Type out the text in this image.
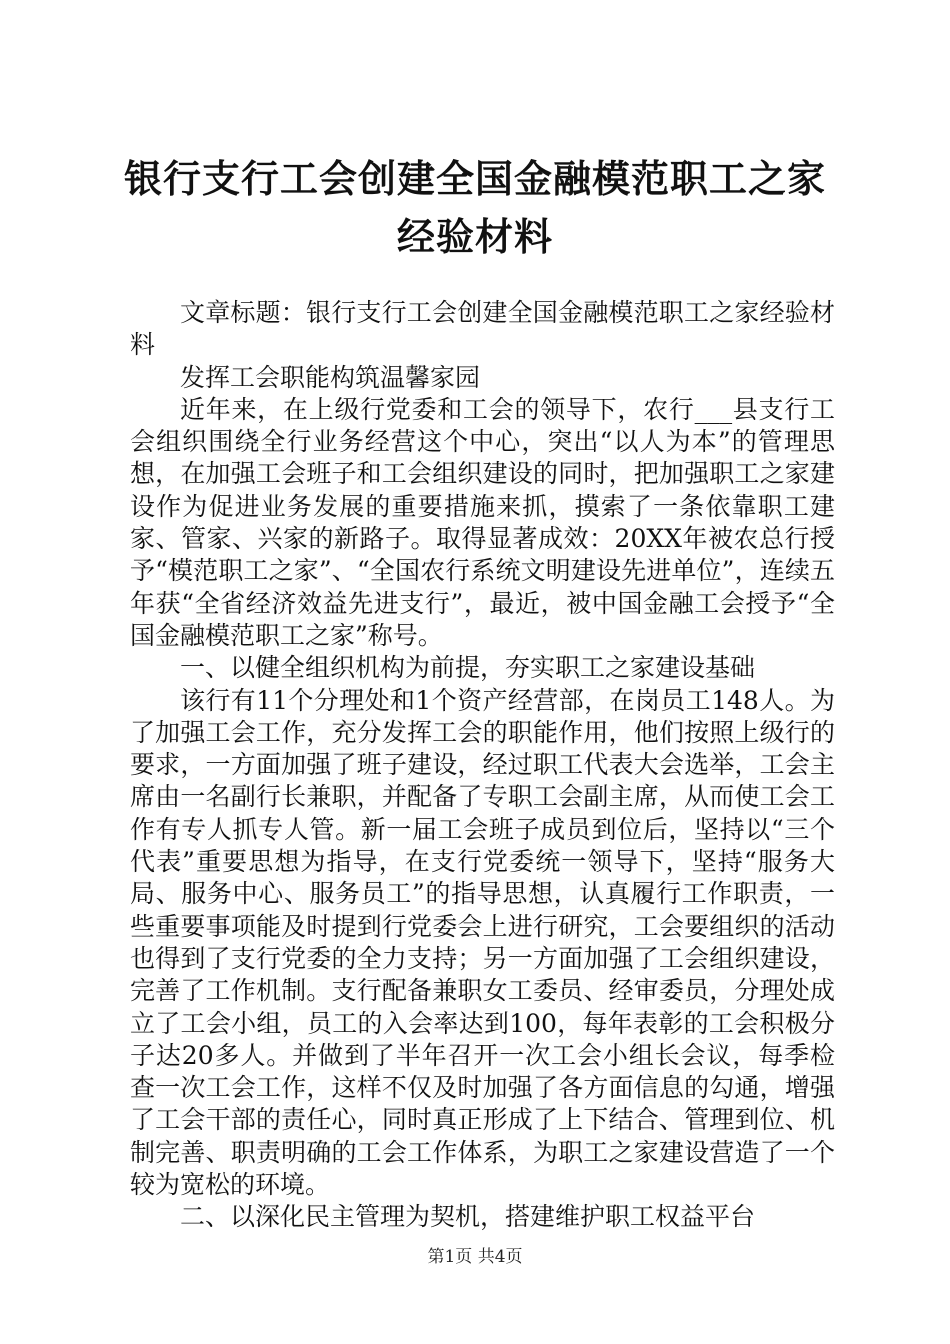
银行支行工会创建全国金融模范职工之家经验材料

文章标题：银行支行工会创建全国金融模范职工之家经验材料

发挥工会职能构筑温馨家园

近年来，在上级行党委和工会的领导下，农行___县支行工会组织围绕全行业务经营这个中心，突出“以人为本”的管理思想，在加强工会班子和工会组织建设的同时，把加强职工之家建设作为促进业务发展的重要措施来抓，摸索了一条依靠职工建家、管家、兴家的新路子。取得显著成效：20XX年被农总行授予“模范职工之家”、“全国农行系统文明建设先进单位”，连续五年获“全省经济效益先进支行”，最近，被中国金融工会授予“全国金融模范职工之家”称号。

一、以健全组织机构为前提，夯实职工之家建设基础

该行有11个分理处和1个资产经营部，在岗员工148人。为了加强工会工作，充分发挥工会的职能作用，他们按照上级行的要求，一方面加强了班子建设，经过职工代表大会选举，工会主席由一名副行长兼职，并配备了专职工会副主席，从而使工会工作有专人抓专人管。新一届工会班子成员到位后，坚持以“三个代表”重要思想为指导，在支行党委统一领导下，坚持“服务大局、服务中心、服务员工”的指导思想，认真履行工作职责，一些重要事项能及时提到行党委会上进行研究，工会要组织的活动也得到了支行党委的全力支持；另一方面加强了工会组织建设，完善了工作机制。支行配备兼职女工委员、经审委员，分理处成立了工会小组，员工的入会率达到100，每年表彰的工会积极分子达20多人。并做到了半年召开一次工会小组长会议，每季检查一次工会工作，这样不仅及时加强了各方面信息的勾通，增强了工会干部的责任心，同时真正形成了上下结合、管理到位、机制完善、职责明确的工会工作体系，为职工之家建设营造了一个较为宽松的环境。

二、以深化民主管理为契机，搭建维护职工权益平台

第1页 共4页
